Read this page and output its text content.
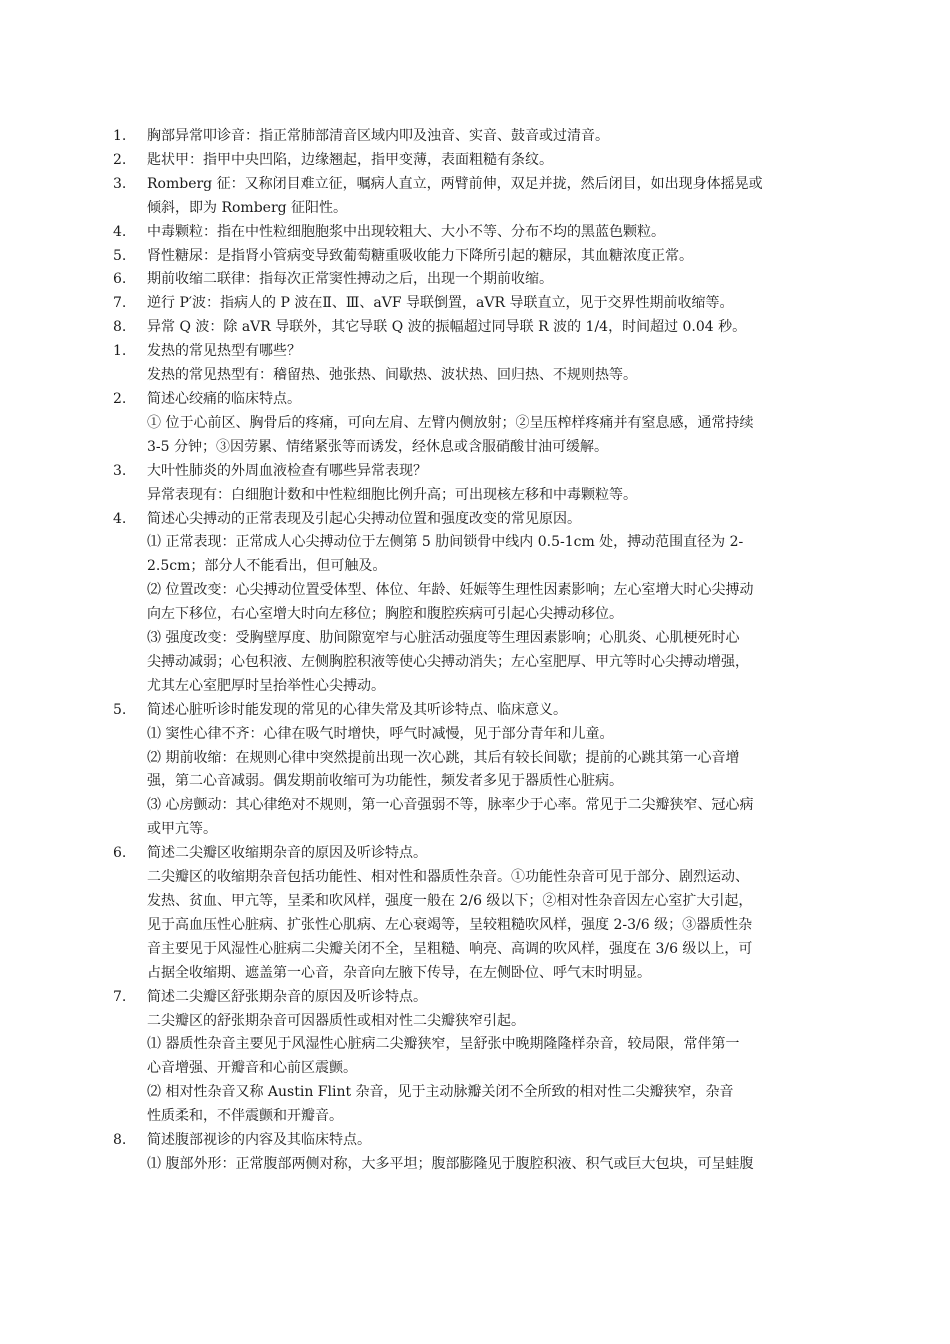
1.	胸部异常叩诊音：指正常肺部清音区域内叩及浊音、实音、鼓音或过清音。
2.	匙状甲：指甲中央凹陷，边缘翘起，指甲变薄，表面粗糙有条纹。
3.	Romberg 征：又称闭目难立征，嘱病人直立，两臂前伸，双足并拢，然后闭目，如出现身体摇晃或
倾斜，即为 Romberg 征阳性。
4.	中毒颗粒：指在中性粒细胞胞浆中出现较粗大、大小不等、分布不均的黑蓝色颗粒。
5.	肾性糖尿：是指肾小管病变导致葡萄糖重吸收能力下降所引起的糖尿，其血糖浓度正常。
6.	期前收缩二联律：指每次正常窦性搏动之后，出现一个期前收缩。
7.	逆行 P′波：指病人的 P 波在Ⅱ、Ⅲ、aVF 导联倒置，aVR 导联直立，见于交界性期前收缩等。
8.	异常 Q 波：除 aVR 导联外，其它导联 Q 波的振幅超过同导联 R 波的 1/4，时间超过 0.04 秒。
1.	发热的常见热型有哪些？
发热的常见热型有：稽留热、弛张热、间歇热、波状热、回归热、不规则热等。
2.	简述心绞痛的临床特点。
① 位于心前区、胸骨后的疼痛，可向左肩、左臂内侧放射；②呈压榨样疼痛并有窒息感，通常持续
3-5 分钟；③因劳累、情绪紧张等而诱发，经休息或含服硝酸甘油可缓解。
3.	大叶性肺炎的外周血液检查有哪些异常表现？
异常表现有：白细胞计数和中性粒细胞比例升高；可出现核左移和中毒颗粒等。
4.	简述心尖搏动的正常表现及引起心尖搏动位置和强度改变的常见原因。
⑴ 正常表现：正常成人心尖搏动位于左侧第 5 肋间锁骨中线内 0.5-1cm 处，搏动范围直径为 2-
2.5cm；部分人不能看出，但可触及。
⑵ 位置改变：心尖搏动位置受体型、体位、年龄、妊娠等生理性因素影响；左心室增大时心尖搏动
向左下移位，右心室增大时向左移位；胸腔和腹腔疾病可引起心尖搏动移位。
⑶ 强度改变：受胸壁厚度、肋间隙宽窄与心脏活动强度等生理因素影响；心肌炎、心肌梗死时心
尖搏动减弱；心包积液、左侧胸腔积液等使心尖搏动消失；左心室肥厚、甲亢等时心尖搏动增强，
尤其左心室肥厚时呈抬举性心尖搏动。
5.	简述心脏听诊时能发现的常见的心律失常及其听诊特点、临床意义。
⑴ 窦性心律不齐：心律在吸气时增快，呼气时减慢，见于部分青年和儿童。
⑵ 期前收缩：在规则心律中突然提前出现一次心跳，其后有较长间歇；提前的心跳其第一心音增
强，第二心音减弱。偶发期前收缩可为功能性，频发者多见于器质性心脏病。
⑶ 心房颤动：其心律绝对不规则，第一心音强弱不等，脉率少于心率。常见于二尖瓣狭窄、冠心病
或甲亢等。
6.	简述二尖瓣区收缩期杂音的原因及听诊特点。
二尖瓣区的收缩期杂音包括功能性、相对性和器质性杂音。①功能性杂音可见于部分、剧烈运动、
发热、贫血、甲亢等，呈柔和吹风样，强度一般在 2/6 级以下；②相对性杂音因左心室扩大引起，
见于高血压性心脏病、扩张性心肌病、左心衰竭等，呈较粗糙吹风样，强度 2-3/6 级；③器质性杂
音主要见于风湿性心脏病二尖瓣关闭不全，呈粗糙、响亮、高调的吹风样，强度在 3/6 级以上，可
占据全收缩期、遮盖第一心音，杂音向左腋下传导，在左侧卧位、呼气末时明显。
7.	简述二尖瓣区舒张期杂音的原因及听诊特点。
二尖瓣区的舒张期杂音可因器质性或相对性二尖瓣狭窄引起。
⑴ 器质性杂音主要见于风湿性心脏病二尖瓣狭窄，呈舒张中晚期隆隆样杂音，较局限，常伴第一
心音增强、开瓣音和心前区震颤。
⑵ 相对性杂音又称 Austin Flint 杂音，见于主动脉瓣关闭不全所致的相对性二尖瓣狭窄，杂音
性质柔和，不伴震颤和开瓣音。
8.	简述腹部视诊的内容及其临床特点。
⑴ 腹部外形：正常腹部两侧对称，大多平坦；腹部膨隆见于腹腔积液、积气或巨大包块，可呈蛙腹
